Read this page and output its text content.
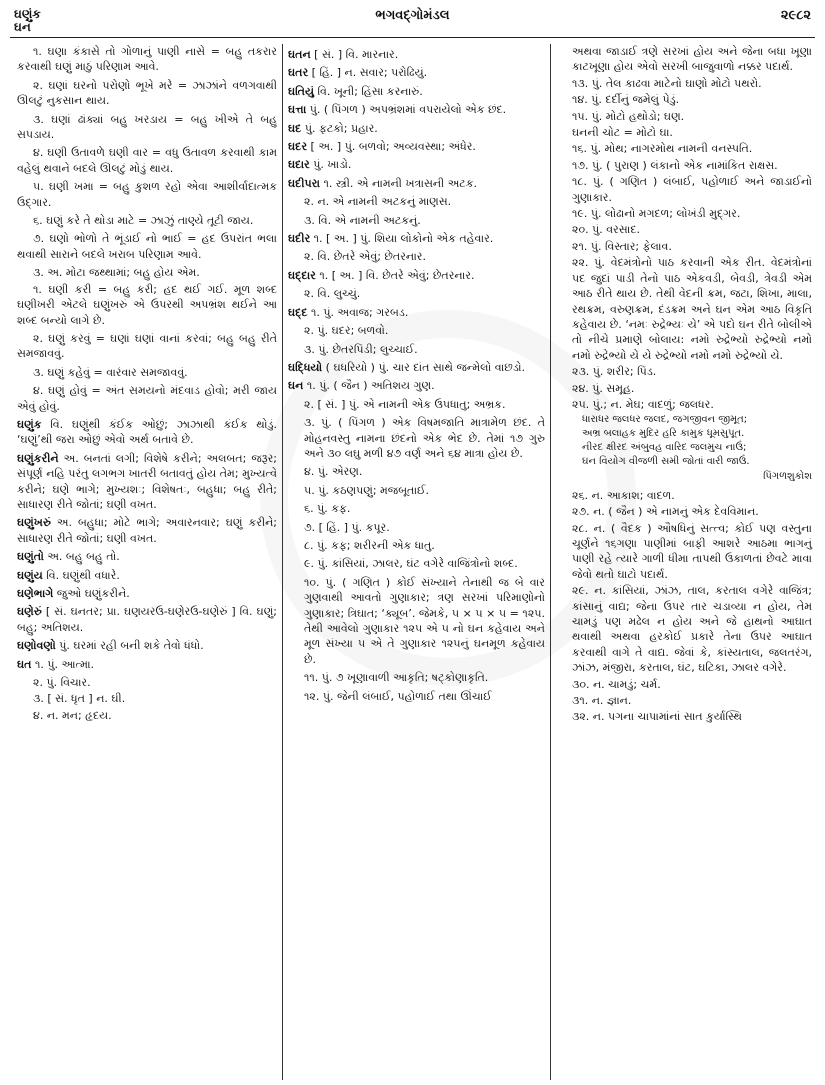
ઘણુંક
ઘન
ભગવદ્ગોમંડલ	૨૯૮૨
૧. ઘણા કંકાસે તો ગોળાનું પાણી નાસે = બહુ તકરાર કરવાથી ઘણું માઠું પરિણામ આવે.
૨. ઘણાં ઘરનો પરોણો ભૂખે મરે = ઝાઝાંને વળગવાથી ઊલટું નુકસાન થાય.
૩. ઘણાં ઢાંક્યાં બહુ ખરડાય = બહુ ખીએ તે બહુ સપડાય.
૪. ઘણી ઉતાવળે ઘણી વાર = વધુ ઉતાવળ કરવાથી કામ વહેલું થવાને બદલે ઊલટું મોડું થાય.
૫. ઘણી ખમા = બહુ કુશળ રહો એવા આશીર્વાદાત્મક ઉદ્ગાર.
૬. ઘણું કરે તે થોડા માટે = ઝાઝું તાણ્યે તૂટી જાય.
૭. ઘણો ભોળો તે ભૂંડાઈ નો ભાઈ = હદ ઉપરાંત ભલા થવાથી સારાને બદલે ખરાબ પરિણામ આવે.
૩. અ. મોટા જથ્થામાં; બહુ હોય એમ.
૧. ઘણી કરી = બહુ કરી; હદ થઈ ગઈ. મૂળ શબ્દ ઘણીખરી એટલે ઘણુંખરું એ ઉપરથી અપભ્રંશ થઈને આ શબ્દ બન્યો લાગે છે.
૨. ઘણું કરવું = ઘણાં ઘણાં વાનાં કરવાં; બહુ બહુ રીતે સમજાવવું.
૩. ઘણું કહેવું = વારંવાર સમજાવવું.
૪. ઘણું હોવું = અંત સમયનો મંદવાડ હોવો; મરી જાય એવું હોવું.
ઘણુંક વિ. ઘણુંથી કંઈક ઓછું; ઝાઝાથી કંઈક થોડું. ‘ઘણું’થી જરા ઓછું એવો અર્થ બતાવે છે.
ઘણુંકરીને અ. બનતાં લગી; વિશેષે કરીને; અલબત; જરૂર; સંપૂર્ણ નહિ પરંતુ લગભગ ખાતરી બતાવતું હોય તેમ; મુખ્યત્વે કરીને; ઘણે ભાગે; મુખ્યશઃ; વિશેષતઃ, બહુધા; બહુ રીતે; સાધારણ રીતે જોતાં; ઘણી વખત.
ઘણુંખરું અ. બહુધા; મોટે ભાગે; અવારનવાર; ઘણું કરીને; સાધારણ રીતે જોતાં; ઘણી વખત.
ઘણુંતો અ. બહુ બહુ તો.
ઘણુંય વિ. ઘણુંથી વધારે.
ઘણેભાગે જુઓ ઘણુંકરીને.
ઘણેરું [ સં. ઘનતર; પ્રા. ઘણયરઉ-ઘણેરઉ-ઘણેરું ] વિ. ઘણું; બહુ; અતિશય.
ઘણોવણો પું. ઘરમાં રહી બની શકે તેવો ધંધો.
ઘત ૧. પું. આત્મા.
૨. પું. વિચાર.
૩. [ સં. ધૃત ] ન. ઘી.
૪. ન. મન; હૃદય.
ઘતન [ સં. ] વિ. મારનાર.
ઘતર [ હિં. ] ન. સવાર; પરોઢિયું.
ઘતિયું વિ. ખૂની; હિંસા કરનારું.
ઘત્તા પું. ( પિંગળ ) અપભ્રંશમાં વપરાયેલો એક છંદ.
ઘદ પું. ફટકો; પ્રહાર.
ઘદર [ અ. ] પું. બળવો; અવ્યવસ્થા; અંધેર.
ઘદાર પું. ખાડો.
ઘદીપરા ૧. સ્ત્રી. એ નામની ખત્રાસની અટક.
૨. ન. એ નામની અટકનું માણસ.
૩. વિ. એ નામની અટકનું.
ઘદીર ૧. [ અ. ] પું. શિયા લોકોનો એક તહેવાર.
૨. વિ. છેતરે એવું; છેતરનાર.
ઘદ્દાર ૧. [ અ. ] વિ. છેતરે એવું; છેતરનાર.
૨. વિ. લુચ્ચું.
ઘદ્દ ૧. પું. અવાજ; ગરબડ.
૨. પું. ઘદર; બળવો.
૩. પું. છેતરપિંડી; લુચ્ચાઈ.
ઘદ્ધિયો ( ઘધરિયો ) પું. ચાર દાંત સાથે જન્મેલો વાછડો.
ઘન ૧. પું. ( જૈન ) અતિશય ગુણ.
૨. [ સં. ] પું. એ નામની એક ઉપધાતુ; અભ્રક.
૩. પું. ( પિંગળ ) એક વિષમજાતિ માત્રામેળ છંદ. તે મોહનવસ્તુ નામના છંદનો એક ભેદ છે. તેમાં ૧૭ ગુરુ અને ૩૦ લઘુ મળી ૪૭ વર્ણ અને ૬૪ માત્રા હોય છે.
૪. પું. એરણ.
૫. પું. કઠણપણું; મજબૂતાઈ.
૬. પું. કફ.
૭. [ હિં. ] પું. કપૂર.
૮. પું. કફ; શરીરની એક ધાતુ.
૯. પું. કાંસિયાં, ઝાલર, ઘંટ વગેરે વાજિંત્રોનો શબ્દ.
૧૦. પું. ( ગણિત ) કોઈ સંખ્યાને તેનાથી જ બે વાર ગુણવાથી આવતો ગુણાકાર; ત્રણ સરખાં પરિમાણોનો ગુણાકાર; ત્રિઘાત; ‘ક્યૂબ’. જેમકે, ૫ × ૫ × ૫ = ૧૨૫. તેથી આવેલો ગુણાકાર ૧૨૫ એ ૫ નો ઘન કહેવાય અને મૂળ સંખ્યા ૫ એ તે ગુણાકાર ૧૨૫નું ઘનમૂળ કહેવાય છે.
૧૧. પું. ૭ ખૂણાવાળી આકૃતિ; ષટ્કોણાકૃતિ.
૧૨. પું. જેની લંબાઈ, પહોળાઈ તથા ઊંચાઈ
અથવા જાડાઈ ત્રણે સરખાં હોય અને જેના બધા ખૂણા કાટખૂણા હોય એવો સરખી બાજુવાળો નક્કર પદાર્થ.
૧૩. પું. તેલ કાઢવા માટેનો ઘાણો મોટો પથરો.
૧૪. પું. દર્દીનું જમેલું પેડું.
૧૫. પું. મોટો હથોડો; ઘણ.
ઘનની ચોટ = મોટો ઘા.
૧૬. પું. મોથ; નાગરમોથ નામની વનસ્પતિ.
૧૭. પું. ( પુરાણ ) લંકાનો એક નામાંકિત રાક્ષસ.
૧૮. પું. ( ગણિત ) લંબાઈ, પહોળાઈ અને જાડાઈનો ગુણાકાર.
૧૯. પું. લોઢાનો મગદળ; લોખંડી મુદ્ગર.
૨૦. પું. વરસાદ.
૨૧. પું. વિસ્તાર; ફેલાવ.
૨૨. પું. વેદમંત્રોનો પાઠ કરવાની એક રીત. વેદમંત્રોનાં પદ જુદાં પાડી તેનો પાઠ એકવડી, બેવડી, ત્રેવડી એમ આઠ રીતે થાય છે. તેથી વેદની ક્રમ, જટા, શિખા, માલા, રથક્રમ, વરુણક્રમ, દંડક્રમ અને ઘન એમ આઠ વિકૃતિ કહેવાય છે. ‘નમઃ રુદ્રેભ્યઃ યે’ એ પદો ઘન રીતે બોલીએ તો નીચે પ્રમાણે બોલાય: નમો રુદ્રેભ્યો રુદ્રેભ્યો નમો નમો રુદ્રેભ્યો યે યે રુદ્રેભ્યો નમો નમો રુદ્રેભ્યો યે.
૨૩. પું. શરીર; પિંડ.
૨૪. પું. સમૂહ.
૨૫. પું.; ન. મેઘ; વાદળું; જલધર.
ધારાધર જલધર જલદ, જગજીવન જીમૂત;
અભ્ર બલાહક મુદિર હરિ કામુક ધૂમસુપૂત.
નીરદ ક્ષીરદ અંબુવહ વારિદ જલમુચ નાઉં;
ઘન વિયોગ વીજળી સમી જોતાં વારી જાઉં.
પિંગળશુકોશ
૨૬. ન. આકાશ; વાદળ.
૨૭. ન. ( જૈન ) એ નામનું એક દેવવિમાન.
૨૮. ન. ( વૈદક ) ઔષધિનું સત્ત્વ; કોઈ પણ વસ્તુના ચૂર્ણને ૧૬ગણા પાણીમાં બાફી આશરે આઠમા ભાગનું પાણી રહે ત્યારે ગાળી ધીમા તાપથી ઉકાળતાં છેવટે માવા જેવો થતો ઘાટો પદાર્થ.
૨૯. ન. કાંસિયાં, ઝાંઝ, તાલ, કરતાલ વગેરે વાજિંત્ર; કાંસાનું વાદ્ય; જેના ઉપર તાર ચડાવ્યા ન હોય, તેમ ચામડું પણ મઢેલ ન હોય અને જે હાથનો આઘાત થવાથી અથવા હરકોઈ પ્રકારે તેના ઉપર આઘાત કરવાથી વાગે તે વાદ્ય. જેવાં કે, કાંસ્યતાલ, જલતરંગ, ઝાંઝ, મંજીરા, કરતાલ, ઘંટ, ઘટિકા, ઝાલર વગેરે.
૩૦. ન. ચામડું; ચર્મ.
૩૧. ન. જ્ઞાન.
૩૨. ન. પગના ચાપામાંનાં સાત કુર્યાસ્થિ
